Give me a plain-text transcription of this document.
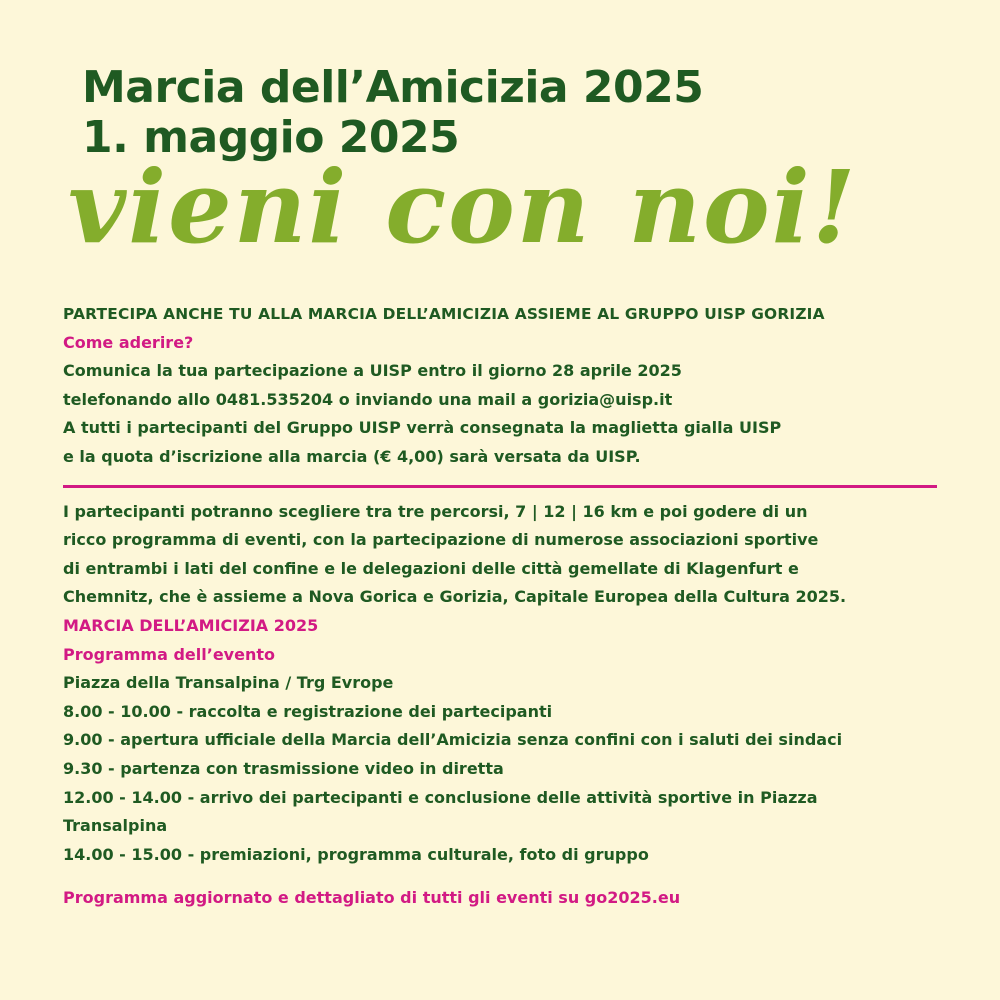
Marcia dell’Amicizia 2025
1. maggio 2025
vieni con noi!

PARTECIPA ANCHE TU ALLA MARCIA DELL’AMICIZIA ASSIEME AL GRUPPO UISP GORIZIA

Come aderire?

Comunica la tua partecipazione a UISP entro il giorno 28 aprile 2025

telefonando allo 0481.535204 o inviando una mail a gorizia@uisp.it

A tutti i partecipanti del Gruppo UISP verrà consegnata la maglietta gialla UISP

e la quota d’iscrizione alla marcia (€ 4,00) sarà versata da UISP.

I partecipanti potranno scegliere tra tre percorsi, 7 | 12 | 16 km e poi godere di un

ricco programma di eventi, con la partecipazione di numerose associazioni sportive

di entrambi i lati del confine e le delegazioni delle città gemellate di Klagenfurt e

Chemnitz, che è assieme a Nova Gorica e Gorizia, Capitale Europea della Cultura 2025.

MARCIA DELL’AMICIZIA 2025

Programma dell’evento

Piazza della Transalpina / Trg Evrope

8.00 - 10.00 - raccolta e registrazione dei partecipanti

9.00 - apertura ufficiale della Marcia dell’Amicizia senza confini con i saluti dei sindaci

9.30 - partenza con trasmissione video in diretta

12.00 - 14.00 - arrivo dei partecipanti e conclusione delle attività sportive in Piazza

Transalpina

14.00 - 15.00 - premiazioni, programma culturale, foto di gruppo

Programma aggiornato e dettagliato di tutti gli eventi su go2025.eu
